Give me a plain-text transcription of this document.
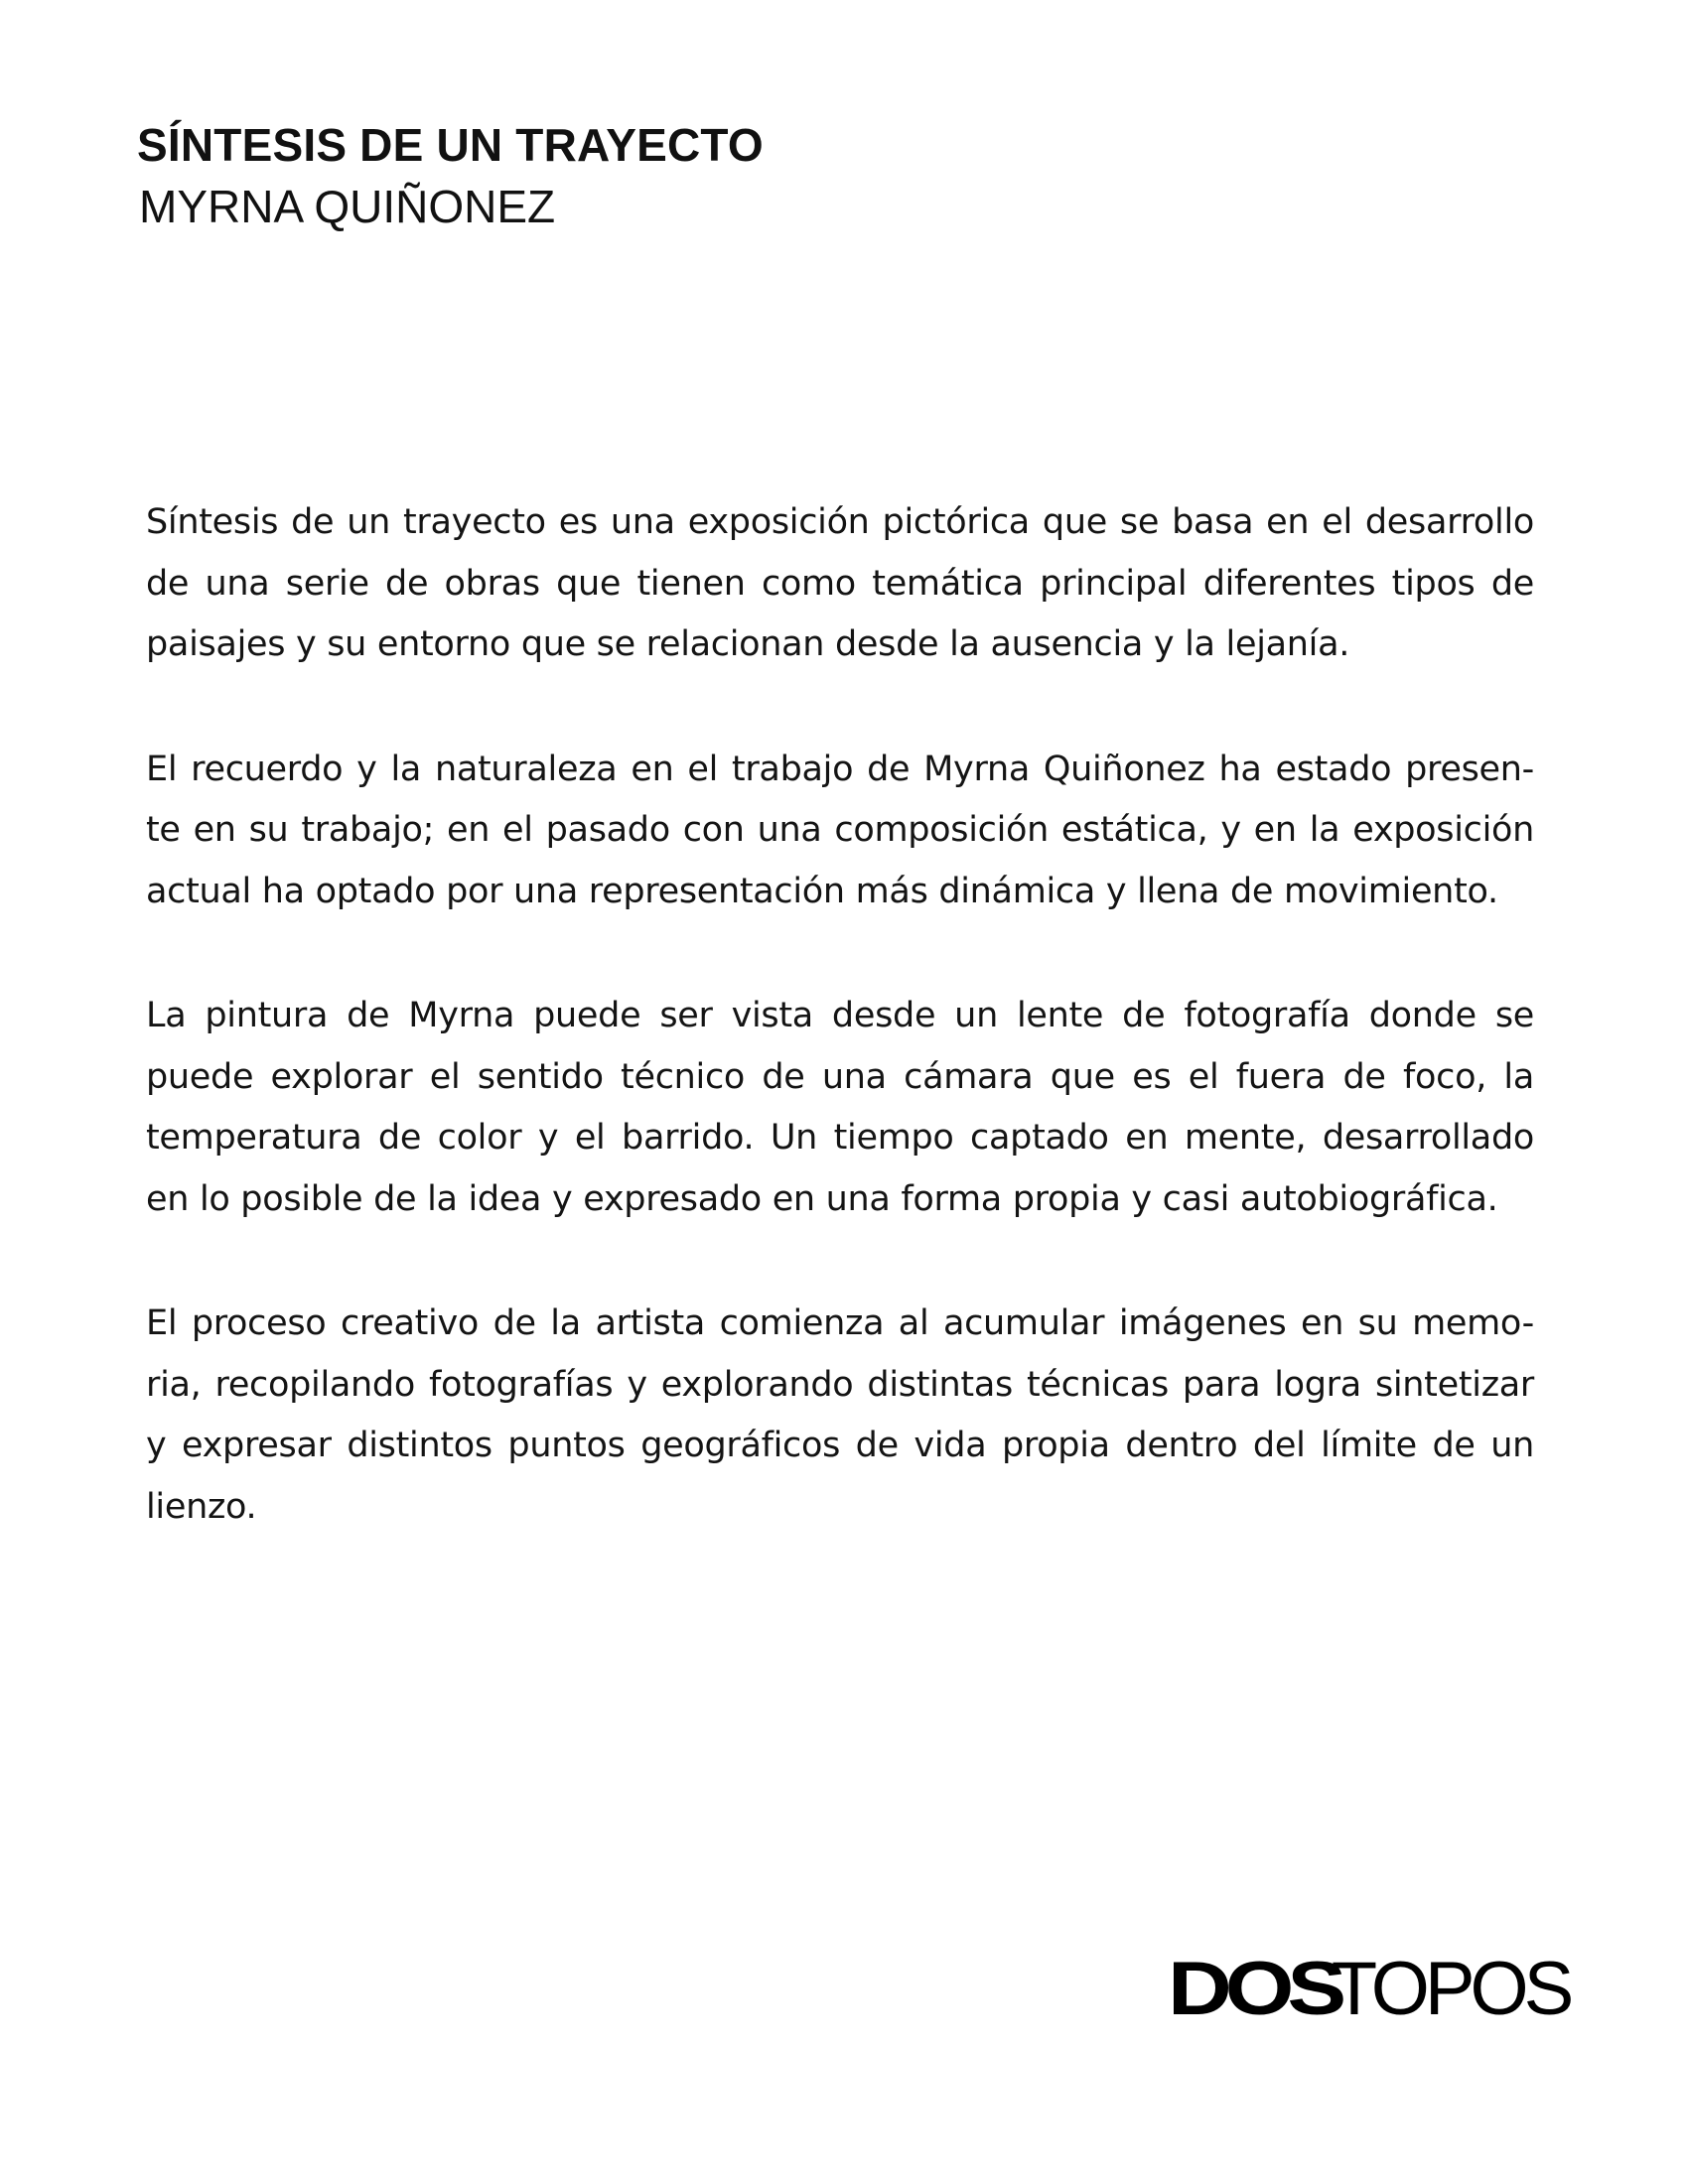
SÍNTESIS DE UN TRAYECTO
MYRNA QUIÑONEZ

Síntesis de un trayecto es una exposición pictórica que se basa en el desarrollo
de una serie de obras que tienen como temática principal diferentes tipos de
paisajes y su entorno que se relacionan desde la ausencia y la lejanía.

El recuerdo y la naturaleza en el trabajo de Myrna Quiñonez ha estado presen-
te en su trabajo; en el pasado con una composición estática, y en la exposición
actual ha optado por una representación más dinámica y llena de movimiento.

La pintura de Myrna puede ser vista desde un lente de fotografía donde se
puede explorar el sentido técnico de una cámara que es el fuera de foco, la
temperatura de color y el barrido. Un tiempo captado en mente, desarrollado
en lo posible de la idea y expresado en una forma propia y casi autobiográfica.

El proceso creativo de la artista comienza al acumular imágenes en su memo-
ria, recopilando fotografías y explorando distintas técnicas para logra sintetizar
y expresar distintos puntos geográficos de vida propia dentro del límite de un
lienzo.

DOS
TOPOS
